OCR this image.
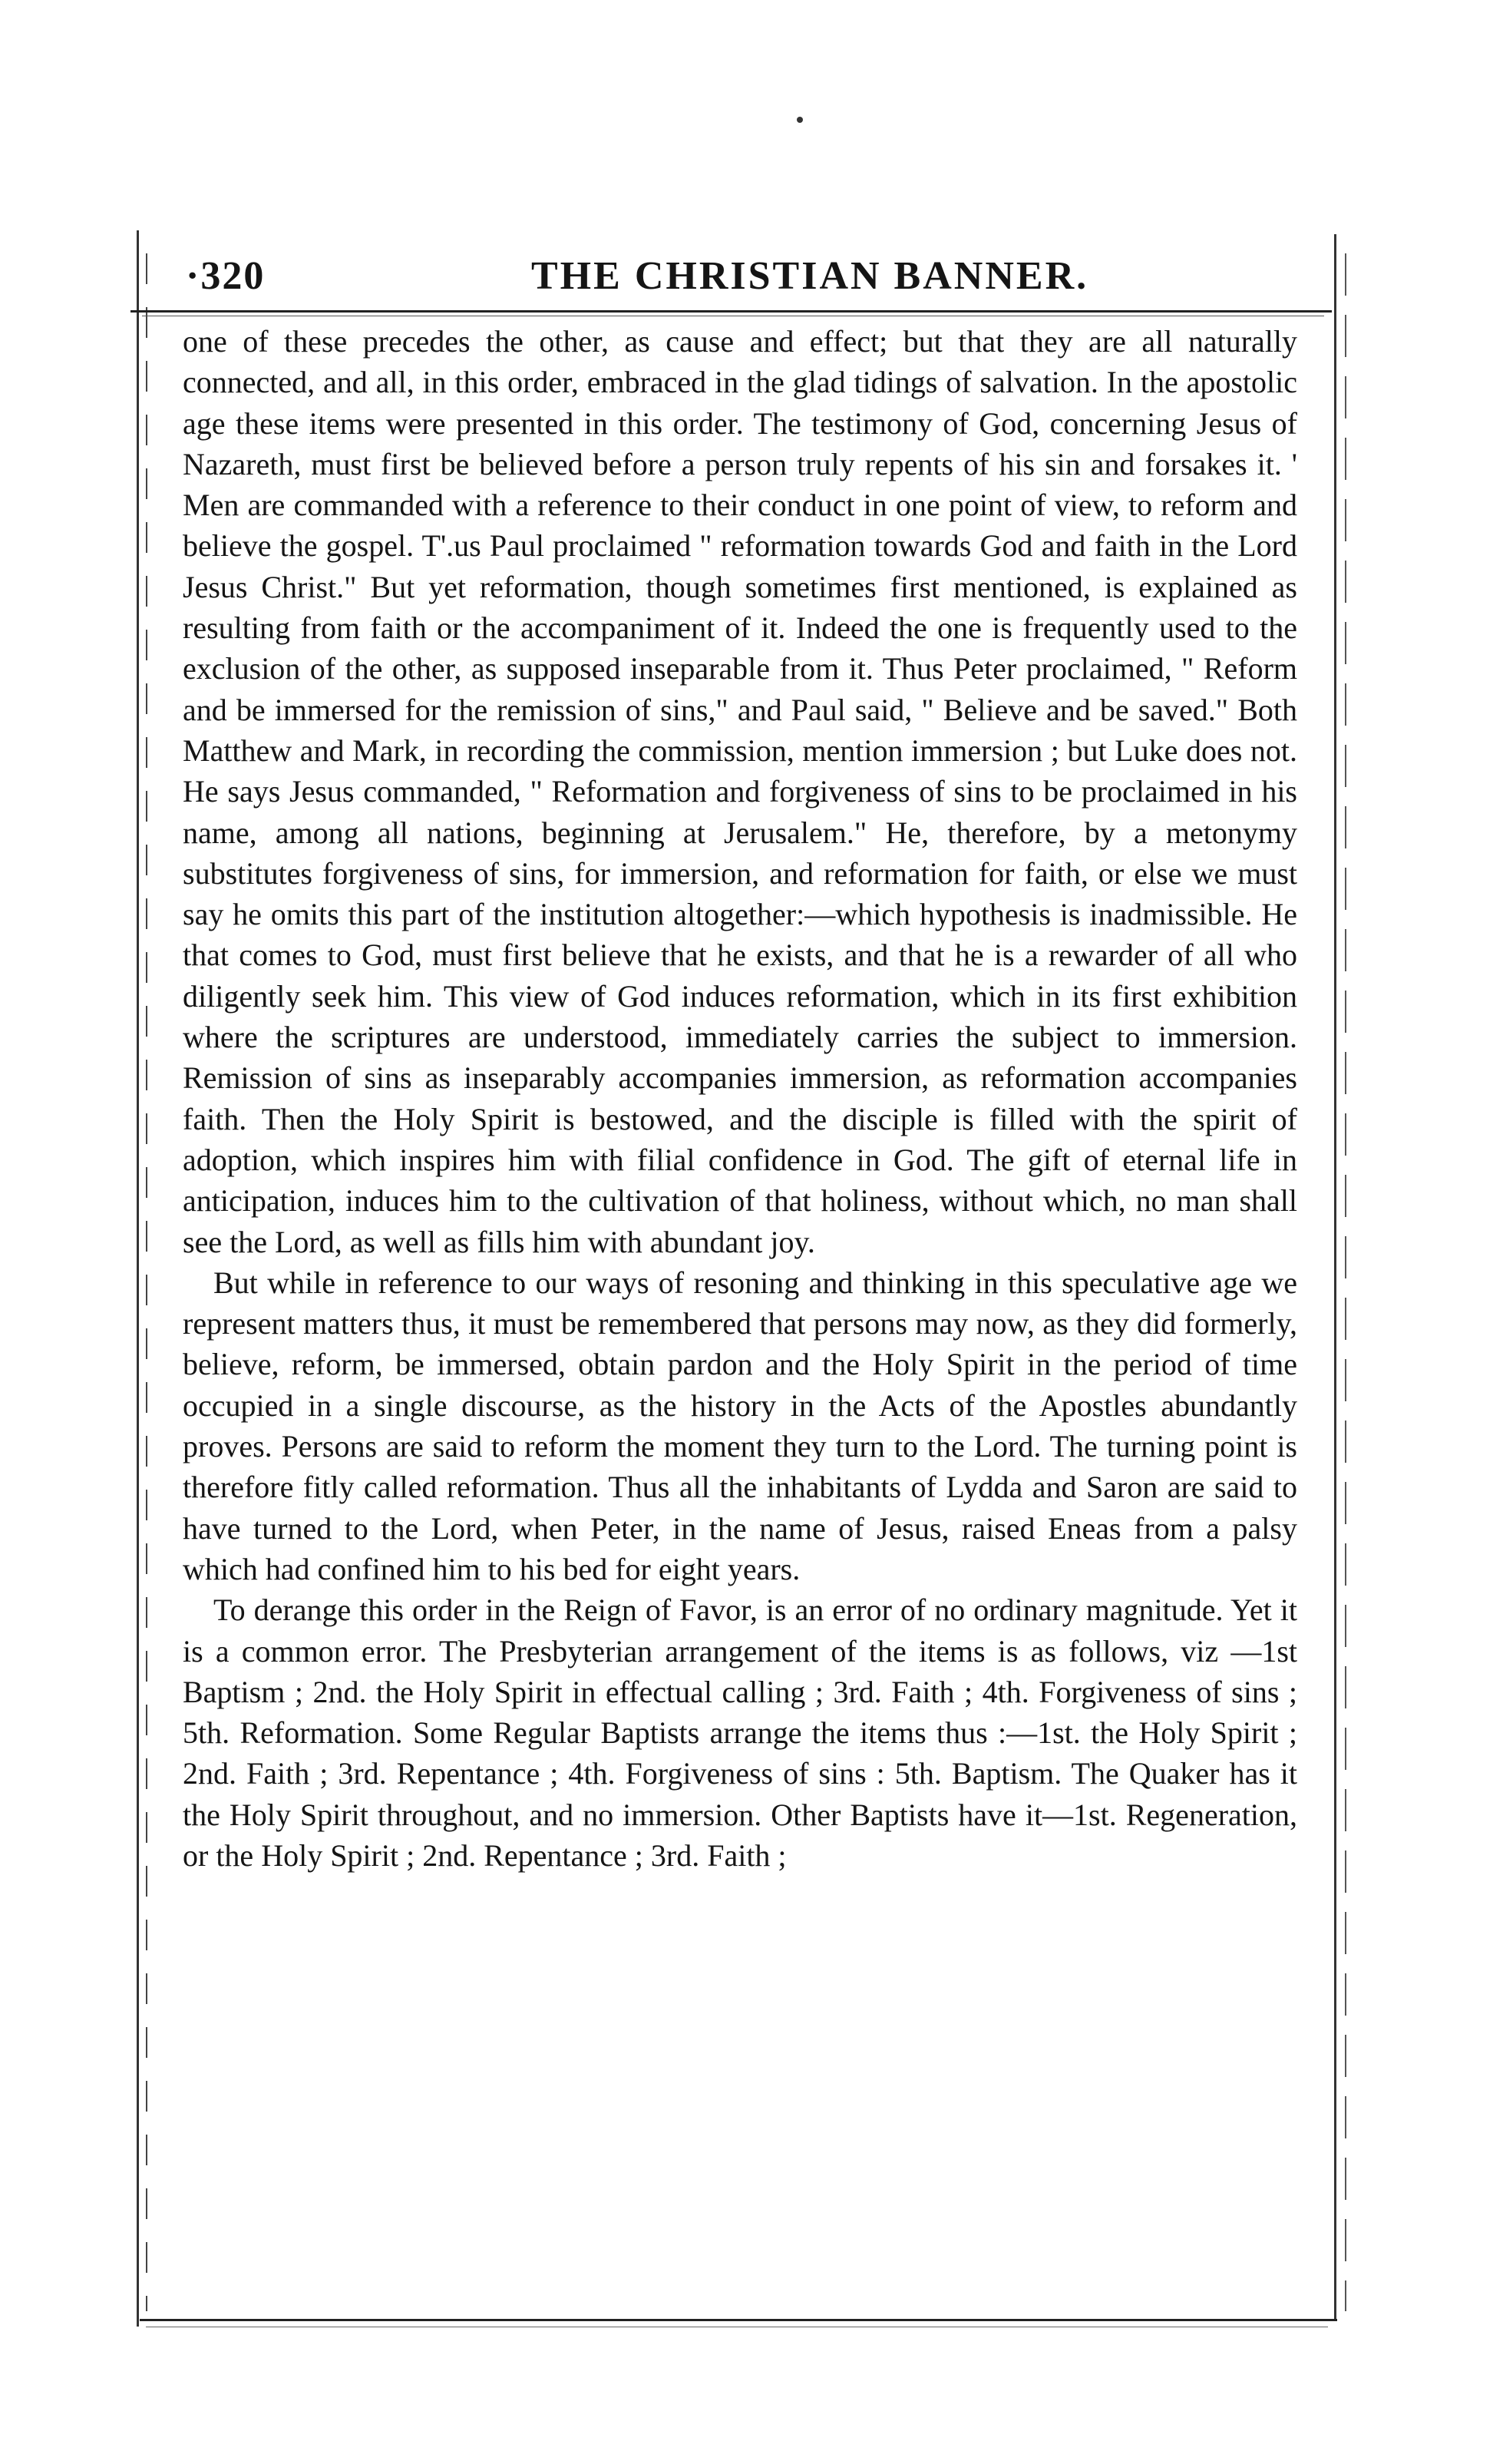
·320	THE CHRISTIAN BANNER.

one of these precedes the other, as cause and effect; but that they are all naturally connected, and all, in this order, embraced in the glad tidings of salvation. In the apostolic age these items were presented in this order. The testimony of God, concerning Jesus of Nazareth, must first be believed before a person truly repents of his sin and forsakes it. ' Men are commanded with a reference to their conduct in one point of view, to reform and believe the gospel. T'.us Paul proclaimed " reformation towards God and faith in the Lord Jesus Christ." But yet reformation, though sometimes first mentioned, is explained as resulting from faith or the accompaniment of it. Indeed the one is frequently used to the exclusion of the other, as supposed inseparable from it. Thus Peter proclaimed, " Reform and be immersed for the remission of sins," and Paul said, " Believe and be saved." Both Matthew and Mark, in recording the commission, mention immersion ; but Luke does not. He says Jesus commanded, " Reformation and forgiveness of sins to be proclaimed in his name, among all nations, beginning at Jerusalem." He, therefore, by a metonymy substitutes forgiveness of sins, for immersion, and reformation for faith, or else we must say he omits this part of the institution altogether:—which hypothesis is inadmissible. He that comes to God, must first believe that he exists, and that he is a rewarder of all who diligently seek him. This view of God induces reformation, which in its first exhibition where the scriptures are understood, immediately carries the subject to immersion. Remission of sins as inseparably accompanies immersion, as reformation accompanies faith. Then the Holy Spirit is bestowed, and the disciple is filled with the spirit of adoption, which inspires him with filial confidence in God. The gift of eternal life in anticipation, induces him to the cultivation of that holiness, without which, no man shall see the Lord, as well as fills him with abundant joy.

But while in reference to our ways of resoning and thinking in this speculative age we represent matters thus, it must be remembered that persons may now, as they did formerly, believe, reform, be immersed, obtain pardon and the Holy Spirit in the period of time occupied in a single discourse, as the history in the Acts of the Apostles abundantly proves. Persons are said to reform the moment they turn to the Lord. The turning point is therefore fitly called reformation. Thus all the inhabitants of Lydda and Saron are said to have turned to the Lord, when Peter, in the name of Jesus, raised Eneas from a palsy which had confined him to his bed for eight years.

To derange this order in the Reign of Favor, is an error of no ordinary magnitude. Yet it is a common error. The Presbyterian arrangement of the items is as follows, viz —1st Baptism ; 2nd. the Holy Spirit in effectual calling ; 3rd. Faith ; 4th. Forgiveness of sins ; 5th. Reformation. Some Regular Baptists arrange the items thus :—1st. the Holy Spirit ; 2nd. Faith ; 3rd. Repentance ; 4th. Forgiveness of sins : 5th. Baptism. The Quaker has it the Holy Spirit throughout, and no immersion. Other Baptists have it—1st. Regeneration, or the Holy Spirit ; 2nd. Repentance ; 3rd. Faith ;
